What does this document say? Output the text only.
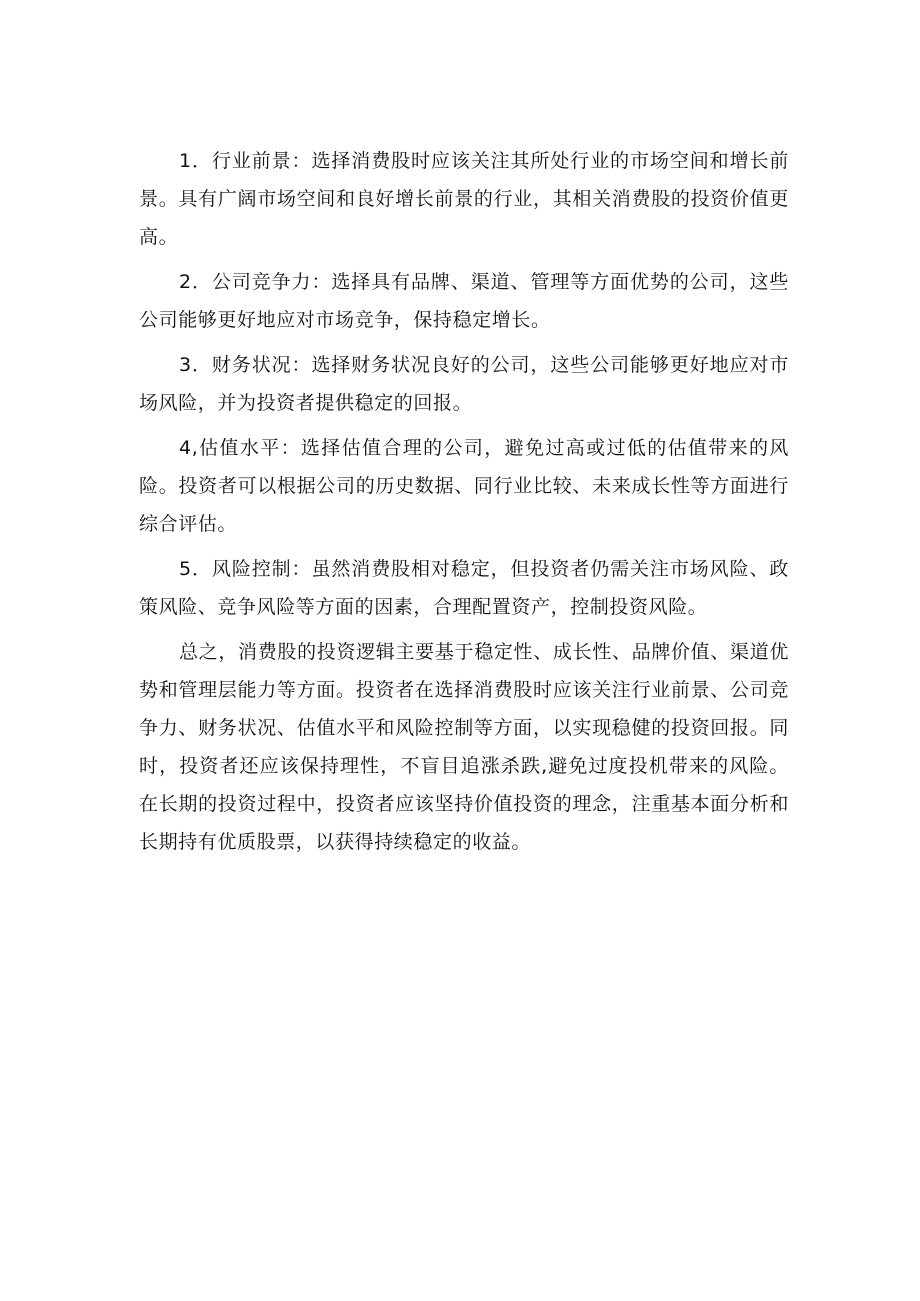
1．行业前景：选择消费股时应该关注其所处行业的市场空间和增长前景。具有广阔市场空间和良好增长前景的行业，其相关消费股的投资价值更高。

2．公司竞争力：选择具有品牌、渠道、管理等方面优势的公司，这些公司能够更好地应对市场竞争，保持稳定增长。

3．财务状况：选择财务状况良好的公司，这些公司能够更好地应对市场风险，并为投资者提供稳定的回报。

4,估值水平：选择估值合理的公司，避免过高或过低的估值带来的风险。投资者可以根据公司的历史数据、同行业比较、未来成长性等方面进行综合评估。

5．风险控制：虽然消费股相对稳定，但投资者仍需关注市场风险、政策风险、竞争风险等方面的因素，合理配置资产，控制投资风险。

总之，消费股的投资逻辑主要基于稳定性、成长性、品牌价值、渠道优势和管理层能力等方面。投资者在选择消费股时应该关注行业前景、公司竞争力、财务状况、估值水平和风险控制等方面，以实现稳健的投资回报。同时，投资者还应该保持理性，不盲目追涨杀跌,避免过度投机带来的风险。在长期的投资过程中，投资者应该坚持价值投资的理念，注重基本面分析和长期持有优质股票，以获得持续稳定的收益。
